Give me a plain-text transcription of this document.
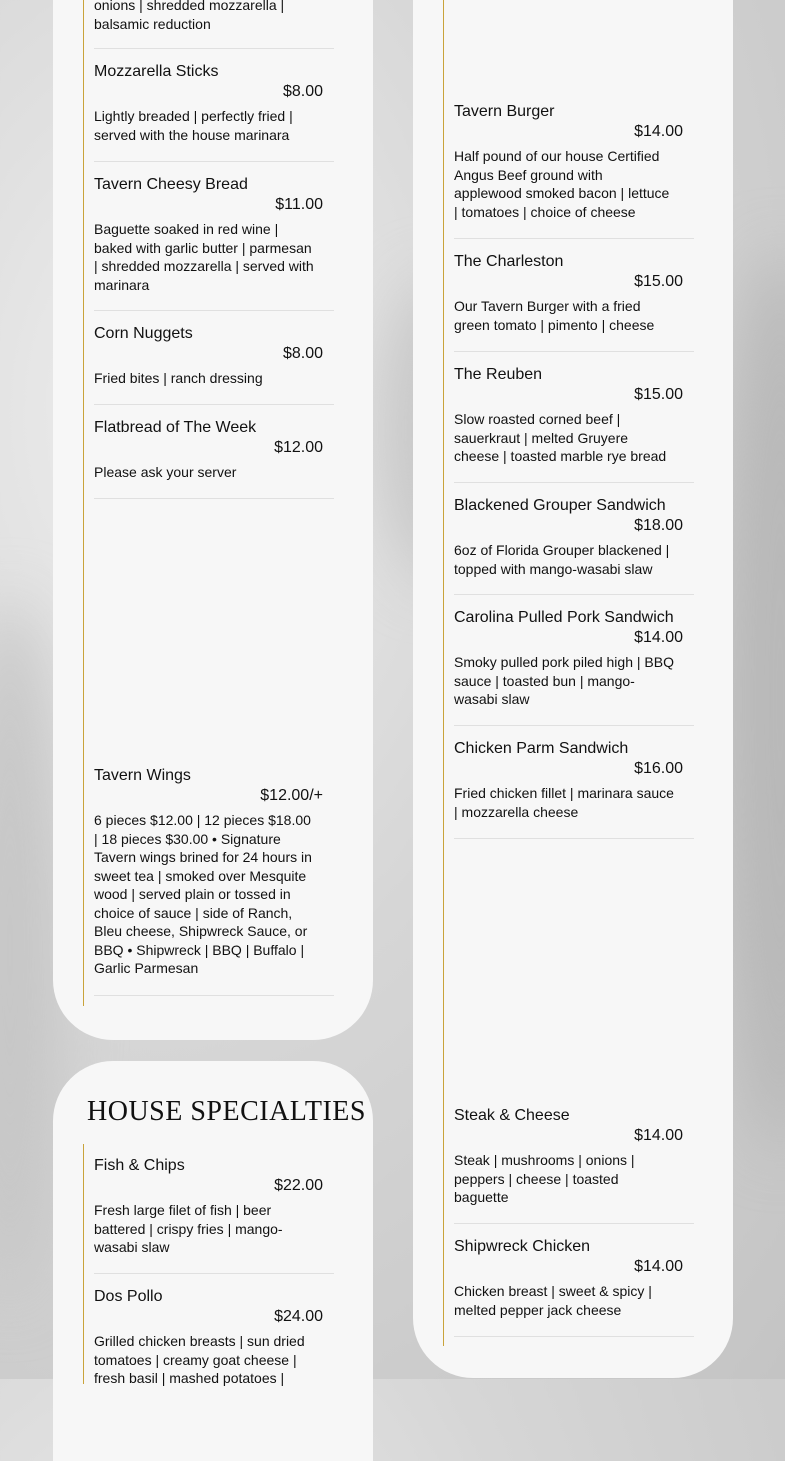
onions | shredded mozzarella | balsamic reduction
Mozzarella Sticks
$8.00
Lightly breaded | perfectly fried | served with the house marinara
Tavern Cheesy Bread
$11.00
Baguette soaked in red wine | baked with garlic butter | parmesan | shredded mozzarella | served with marinara
Corn Nuggets
$8.00
Fried bites | ranch dressing
Flatbread of The Week
$12.00
Please ask your server
Tavern Wings
$12.00/+
6 pieces $12.00 | 12 pieces $18.00 | 18 pieces $30.00 • Signature Tavern wings brined for 24 hours in sweet tea | smoked over Mesquite wood | served plain or tossed in choice of sauce | side of Ranch, Bleu cheese, Shipwreck Sauce, or BBQ • Shipwreck | BBQ | Buffalo | Garlic Parmesan
HOUSE SPECIALTIES
Fish & Chips
$22.00
Fresh large filet of fish | beer battered | crispy fries | mango-wasabi slaw
Dos Pollo
$24.00
Grilled chicken breasts | sun dried tomatoes | creamy goat cheese | fresh basil | mashed potatoes |
Tavern Burger
$14.00
Half pound of our house Certified Angus Beef ground with applewood smoked bacon | lettuce | tomatoes | choice of cheese
The Charleston
$15.00
Our Tavern Burger with a fried green tomato | pimento | cheese
The Reuben
$15.00
Slow roasted corned beef | sauerkraut | melted Gruyere cheese | toasted marble rye bread
Blackened Grouper Sandwich
$18.00
6oz of Florida Grouper blackened | topped with mango-wasabi slaw
Carolina Pulled Pork Sandwich
$14.00
Smoky pulled pork piled high | BBQ sauce | toasted bun | mango-wasabi slaw
Chicken Parm Sandwich
$16.00
Fried chicken fillet | marinara sauce | mozzarella cheese
Steak & Cheese
$14.00
Steak | mushrooms | onions | peppers | cheese | toasted baguette
Shipwreck Chicken
$14.00
Chicken breast | sweet & spicy | melted pepper jack cheese
